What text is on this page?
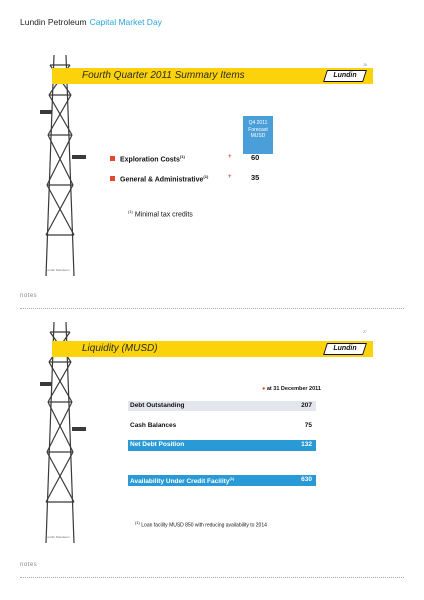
Lundin Petroleum Capital Market Day
26
Fourth Quarter 2011 Summary Items	Lundin
Q4 2011
Forecast
MUSD
Exploration Costs$^{(1)}$	+	60
General & Administrative$^{(1)}$	+	35
$^{(1)}$ Minimal tax credits
Lundin Petroleum
notes
27
Liquidity (MUSD)	Lundin
● at 31 December 2011
Debt Outstanding	207
Cash Balances	75
Net Debt Position	132
Availability Under Credit Facility$^{(1)}$	630
$^{(1)}$ Loan facility MUSD 850 with reducing availability to 2014
Lundin Petroleum
notes
